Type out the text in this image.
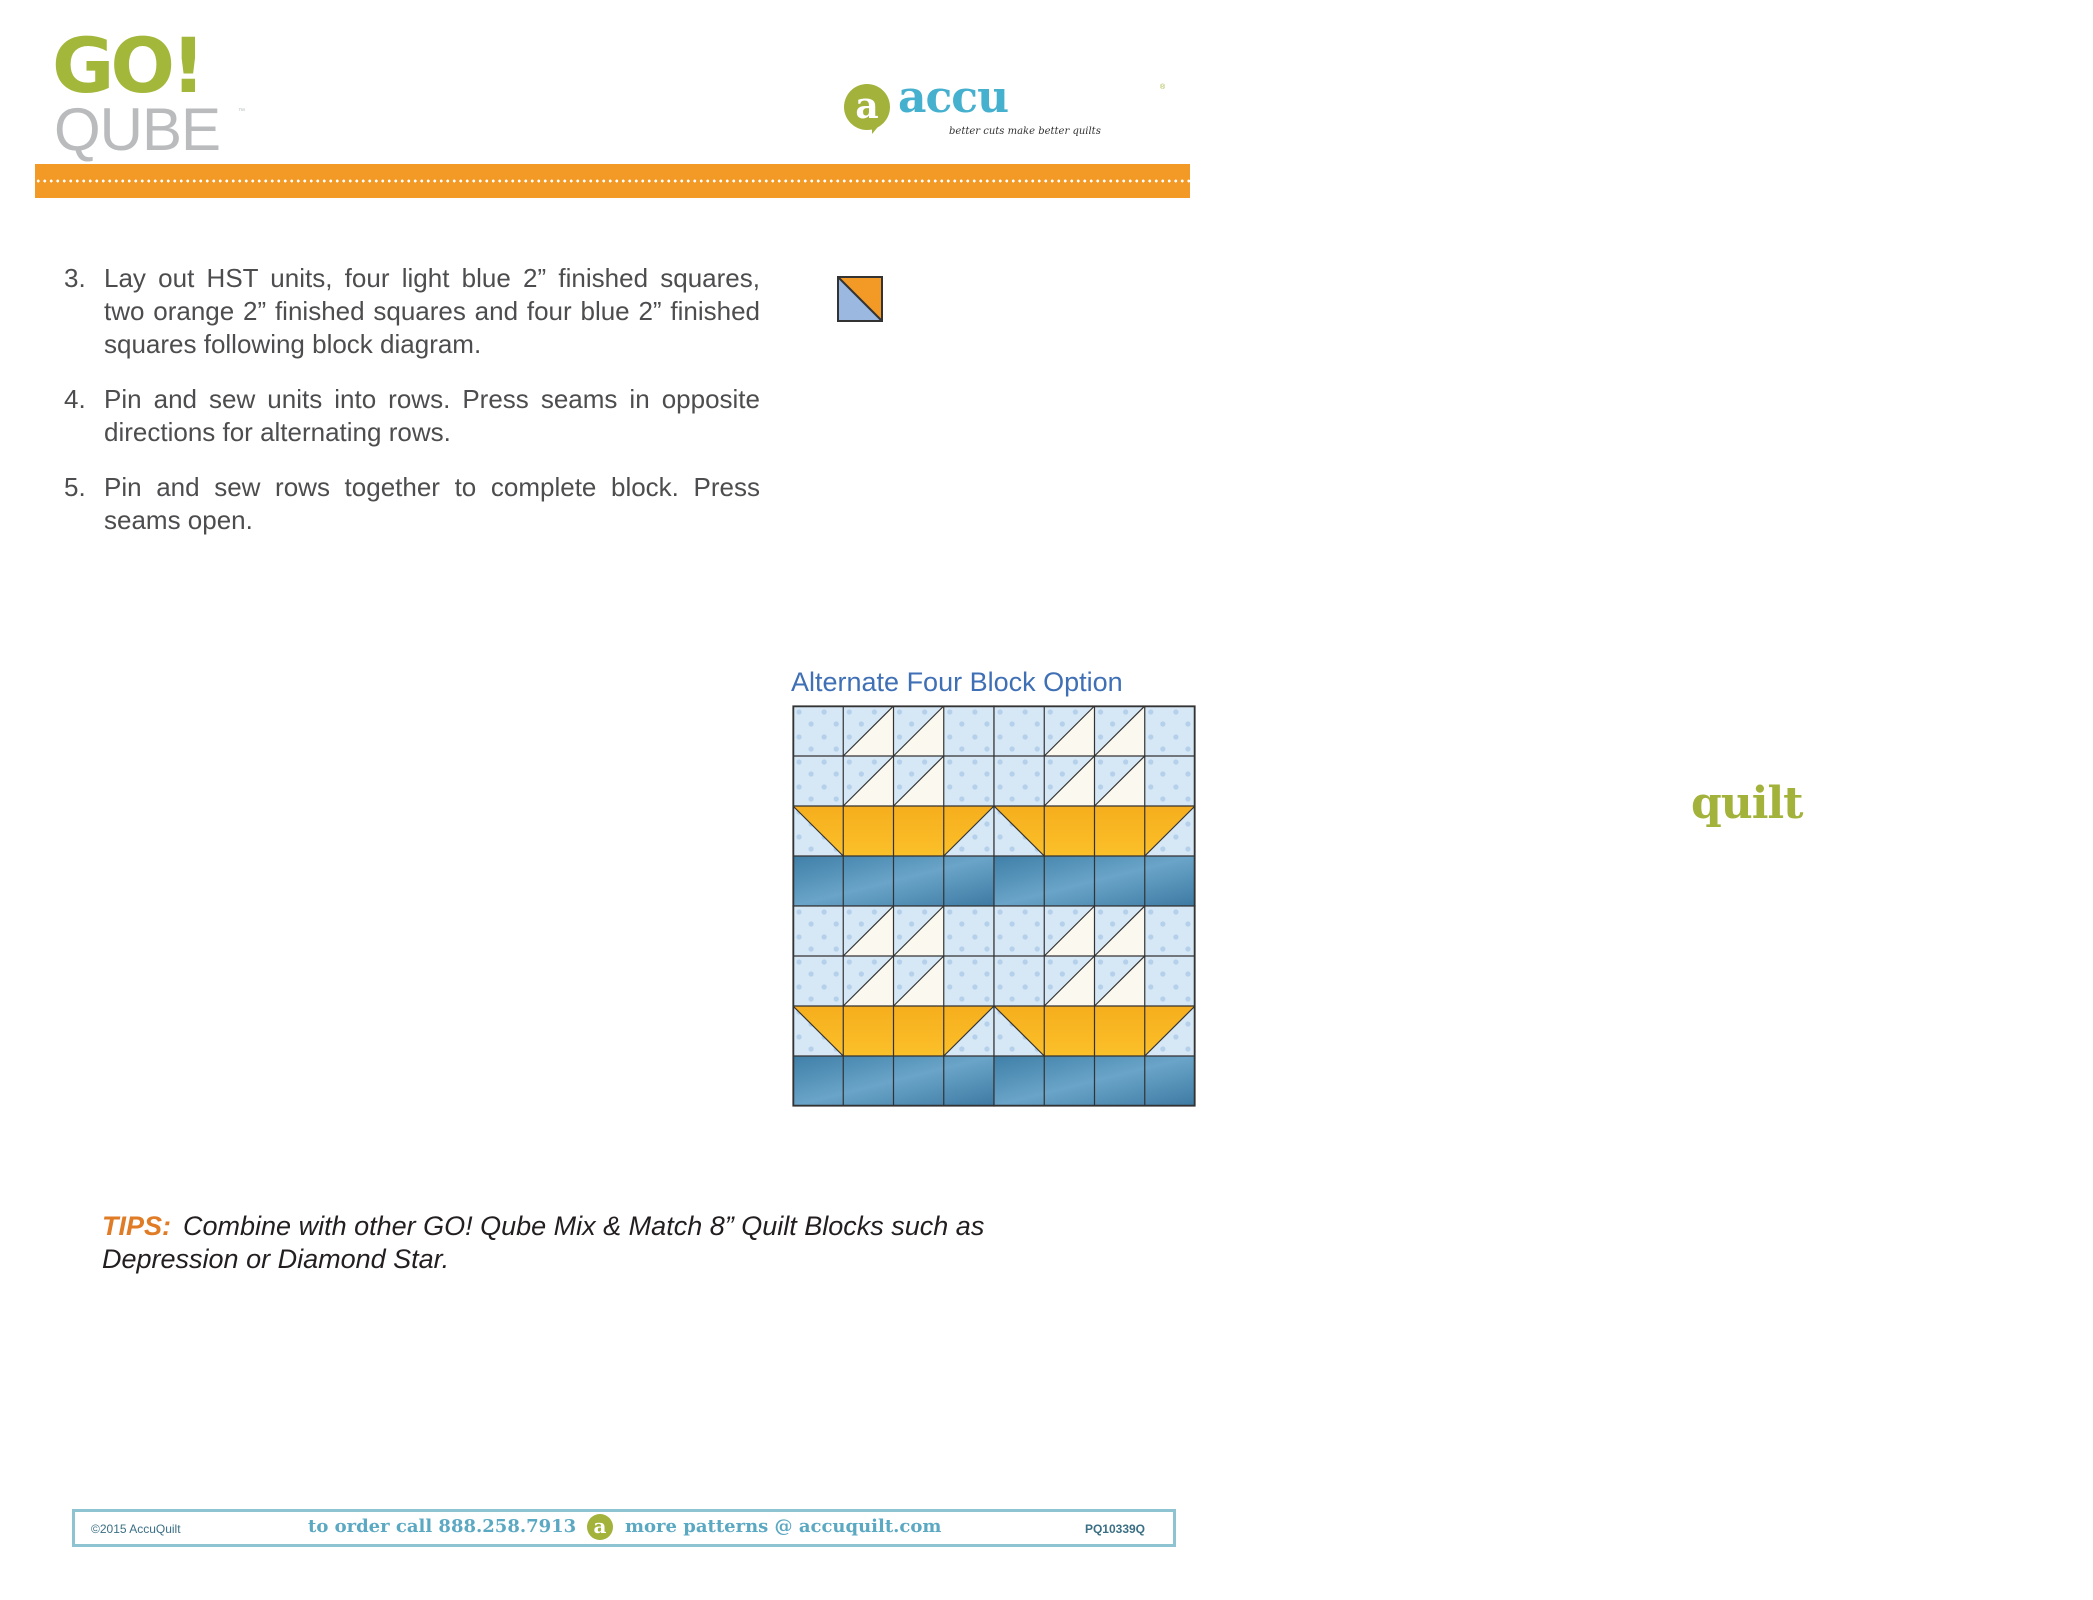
GO!
QUBE	™	a accu
quilt
®
better cuts make better quilts
3. Lay out HST units, four light blue 2” finished squares, two orange 2” finished squares and four blue 2” finished squares following block diagram.
4. Pin and sew units into rows. Press seams in opposite directions for alternating rows.
5. Pin and sew rows together to complete block. Press seams open.
Alternate Four Block Option
TIPS: Combine with other GO! Qube Mix & Match 8” Quilt Blocks such as Depression or Diamond Star.
©2015 AccuQuilt	to order call 888.258.7913 a	more patterns @ accuquilt.com	PQ10339Q
